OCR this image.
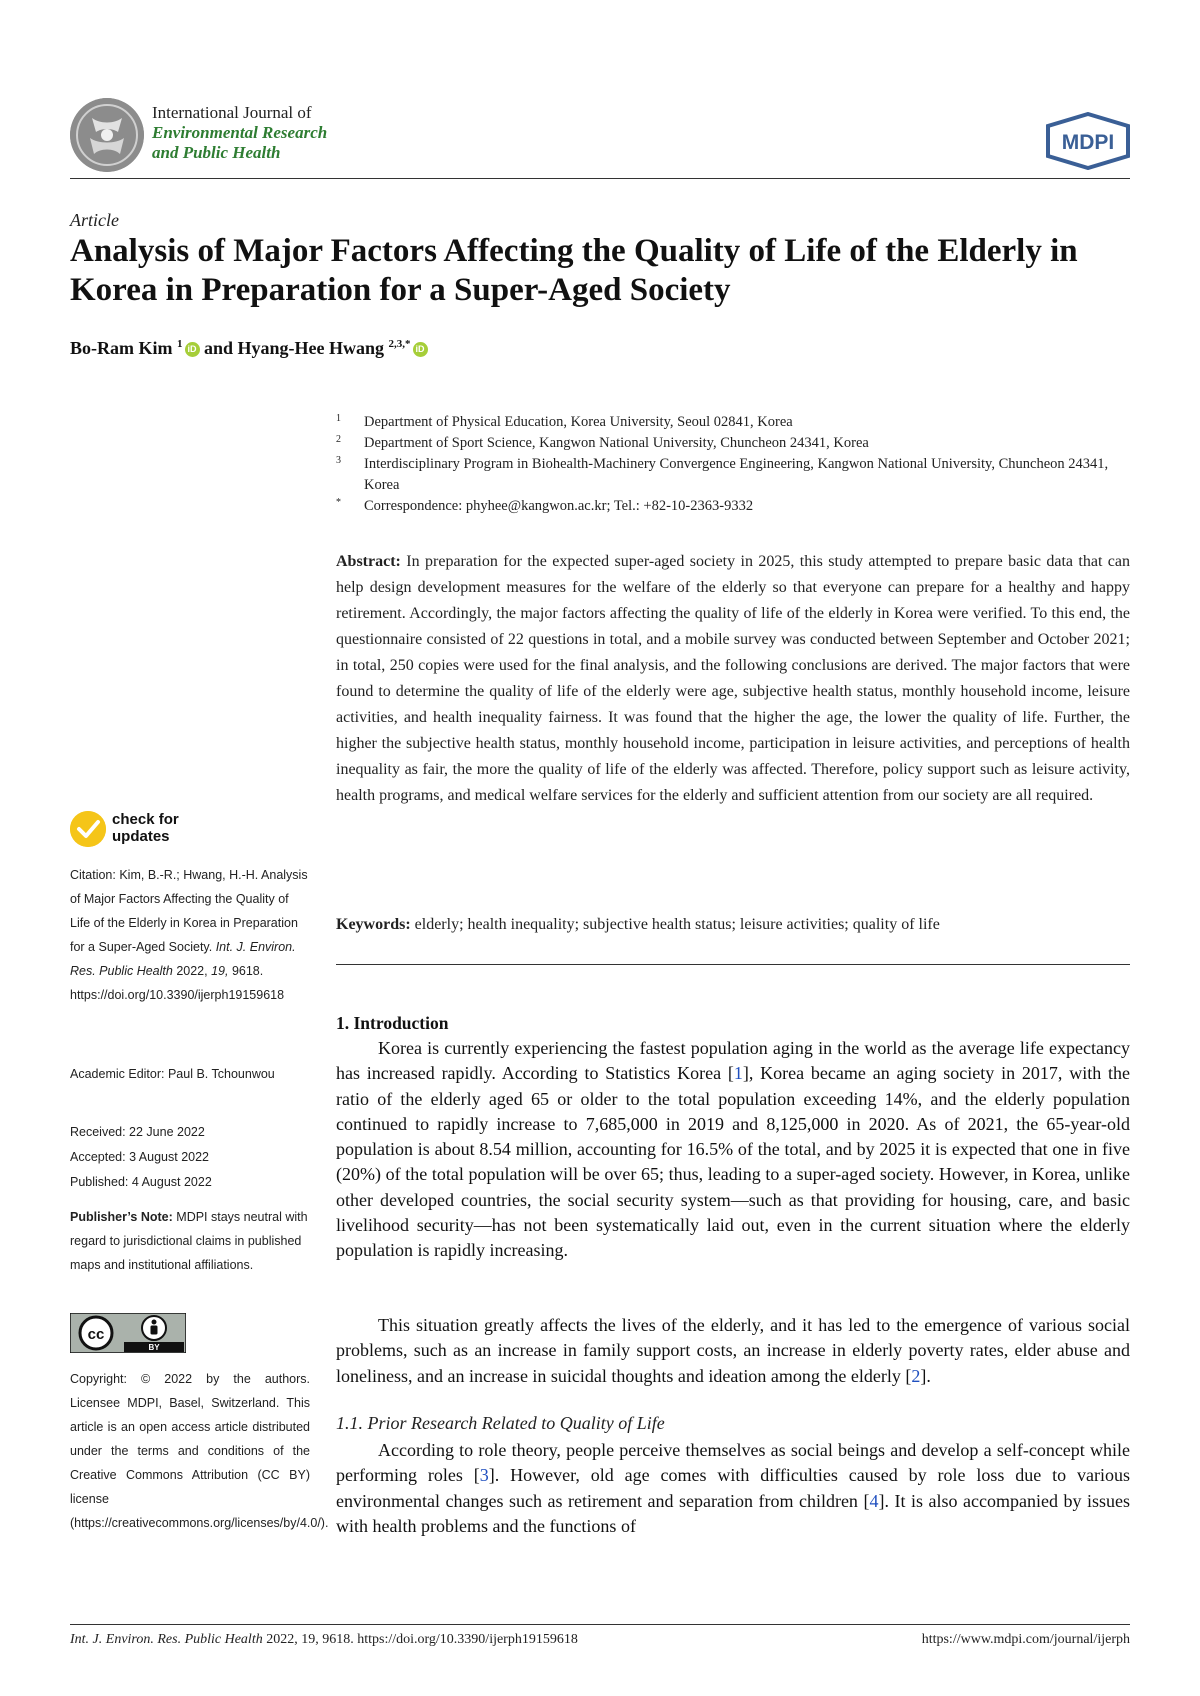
International Journal of
Environmental Research
and Public Health	MDPI
Article
Analysis of Major Factors Affecting the Quality of Life of the Elderly in Korea in Preparation for a Super-Aged Society
Bo-Ram Kim $^1$ iD and Hyang-Hee Hwang $^{2,3,*}$ iD
1	Department of Physical Education, Korea University, Seoul 02841, Korea
2	Department of Sport Science, Kangwon National University, Chuncheon 24341, Korea
3	Interdisciplinary Program in Biohealth-Machinery Convergence Engineering, Kangwon National University, Chuncheon 24341, Korea
*	Correspondence: phyhee@kangwon.ac.kr; Tel.: +82-10-2363-9332

Abstract: In preparation for the expected super-aged society in 2025, this study attempted to prepare basic data that can help design development measures for the welfare of the elderly so that everyone can prepare for a healthy and happy retirement. Accordingly, the major factors affecting the quality of life of the elderly in Korea were verified. To this end, the questionnaire consisted of 22 questions in total, and a mobile survey was conducted between September and October 2021; in total, 250 copies were used for the final analysis, and the following conclusions are derived. The major factors that were found to determine the quality of life of the elderly were age, subjective health status, monthly household income, leisure activities, and health inequality fairness. It was found that the higher the age, the lower the quality of life. Further, the higher the subjective health status, monthly household income, participation in leisure activities, and perceptions of health inequality as fair, the more the quality of life of the elderly was affected. Therefore, policy support such as leisure activity, health programs, and medical welfare services for the elderly and sufficient attention from our society are all required.

Keywords: elderly; health inequality; subjective health status; leisure activities; quality of life
check for
updates
Citation: Kim, B.-R.; Hwang, H.-H. Analysis of Major Factors Affecting the Quality of Life of the Elderly in Korea in Preparation for a Super-Aged Society. Int. J. Environ. Res. Public Health 2022, 19, 9618. https://doi.org/10.3390/ijerph19159618
Academic Editor: Paul B. Tchounwou
Received: 22 June 2022
Accepted: 3 August 2022
Published: 4 August 2022
Publisher’s Note: MDPI stays neutral with regard to jurisdictional claims in published maps and institutional affiliations.
cc
BY
Copyright: © 2022 by the authors. Licensee MDPI, Basel, Switzerland. This article is an open access article distributed under the terms and conditions of the Creative Commons Attribution (CC BY) license (https://creativecommons.org/licenses/by/4.0/).
1. Introduction

Korea is currently experiencing the fastest population aging in the world as the average life expectancy has increased rapidly. According to Statistics Korea [1], Korea became an aging society in 2017, with the ratio of the elderly aged 65 or older to the total population exceeding 14%, and the elderly population continued to rapidly increase to 7,685,000 in 2019 and 8,125,000 in 2020. As of 2021, the 65-year-old population is about 8.54 million, accounting for 16.5% of the total, and by 2025 it is expected that one in five (20%) of the total population will be over 65; thus, leading to a super-aged society. However, in Korea, unlike other developed countries, the social security system—such as that providing for housing, care, and basic livelihood security—has not been systematically laid out, even in the current situation where the elderly population is rapidly increasing.

This situation greatly affects the lives of the elderly, and it has led to the emergence of various social problems, such as an increase in family support costs, an increase in elderly poverty rates, elder abuse and loneliness, and an increase in suicidal thoughts and ideation among the elderly [2].

1.1. Prior Research Related to Quality of Life

According to role theory, people perceive themselves as social beings and develop a self-concept while performing roles [3]. However, old age comes with difficulties caused by role loss due to various environmental changes such as retirement and separation from children [4]. It is also accompanied by issues with health problems and the functions of

Int. J. Environ. Res. Public Health 2022, 19, 9618. https://doi.org/10.3390/ijerph19159618	https://www.mdpi.com/journal/ijerph
